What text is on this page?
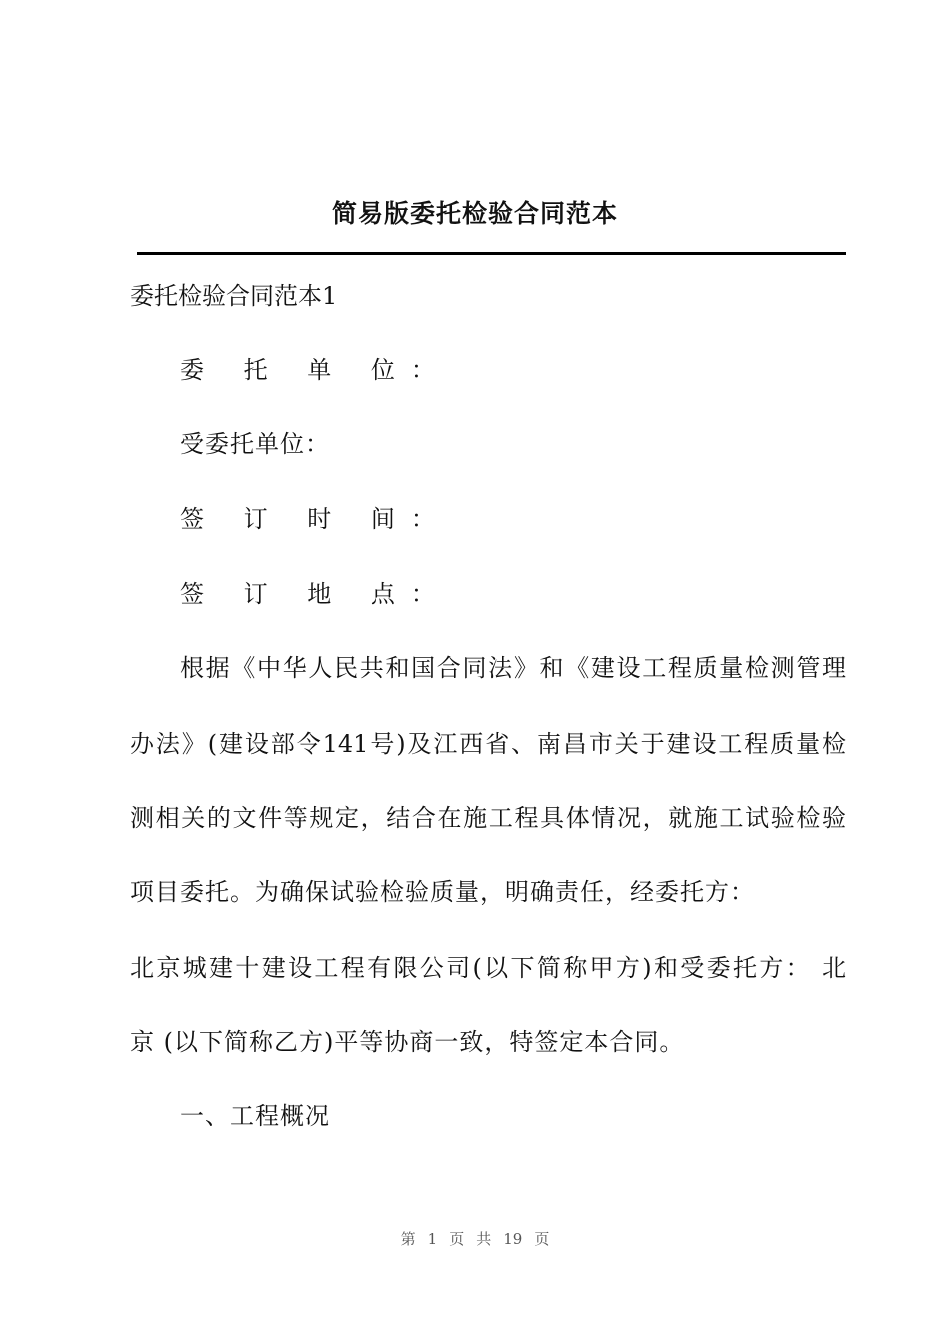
简易版委托检验合同范本
委托检验合同范本1
委 托 单 位：
受委托单位：
签 订 时 间：
签 订 地 点：
根据《中华人民共和国合同法》和《建设工程质量检测管理
办法》(建设部令141号)及江西省、南昌市关于建设工程质量检
测相关的文件等规定，结合在施工程具体情况，就施工试验检验
项目委托。为确保试验检验质量，明确责任，经委托方：
北京城建十建设工程有限公司(以下简称甲方)和受委托方： 北
京 (以下简称乙方)平等协商一致，特签定本合同。
一、工程概况
第 1 页 共 19 页
